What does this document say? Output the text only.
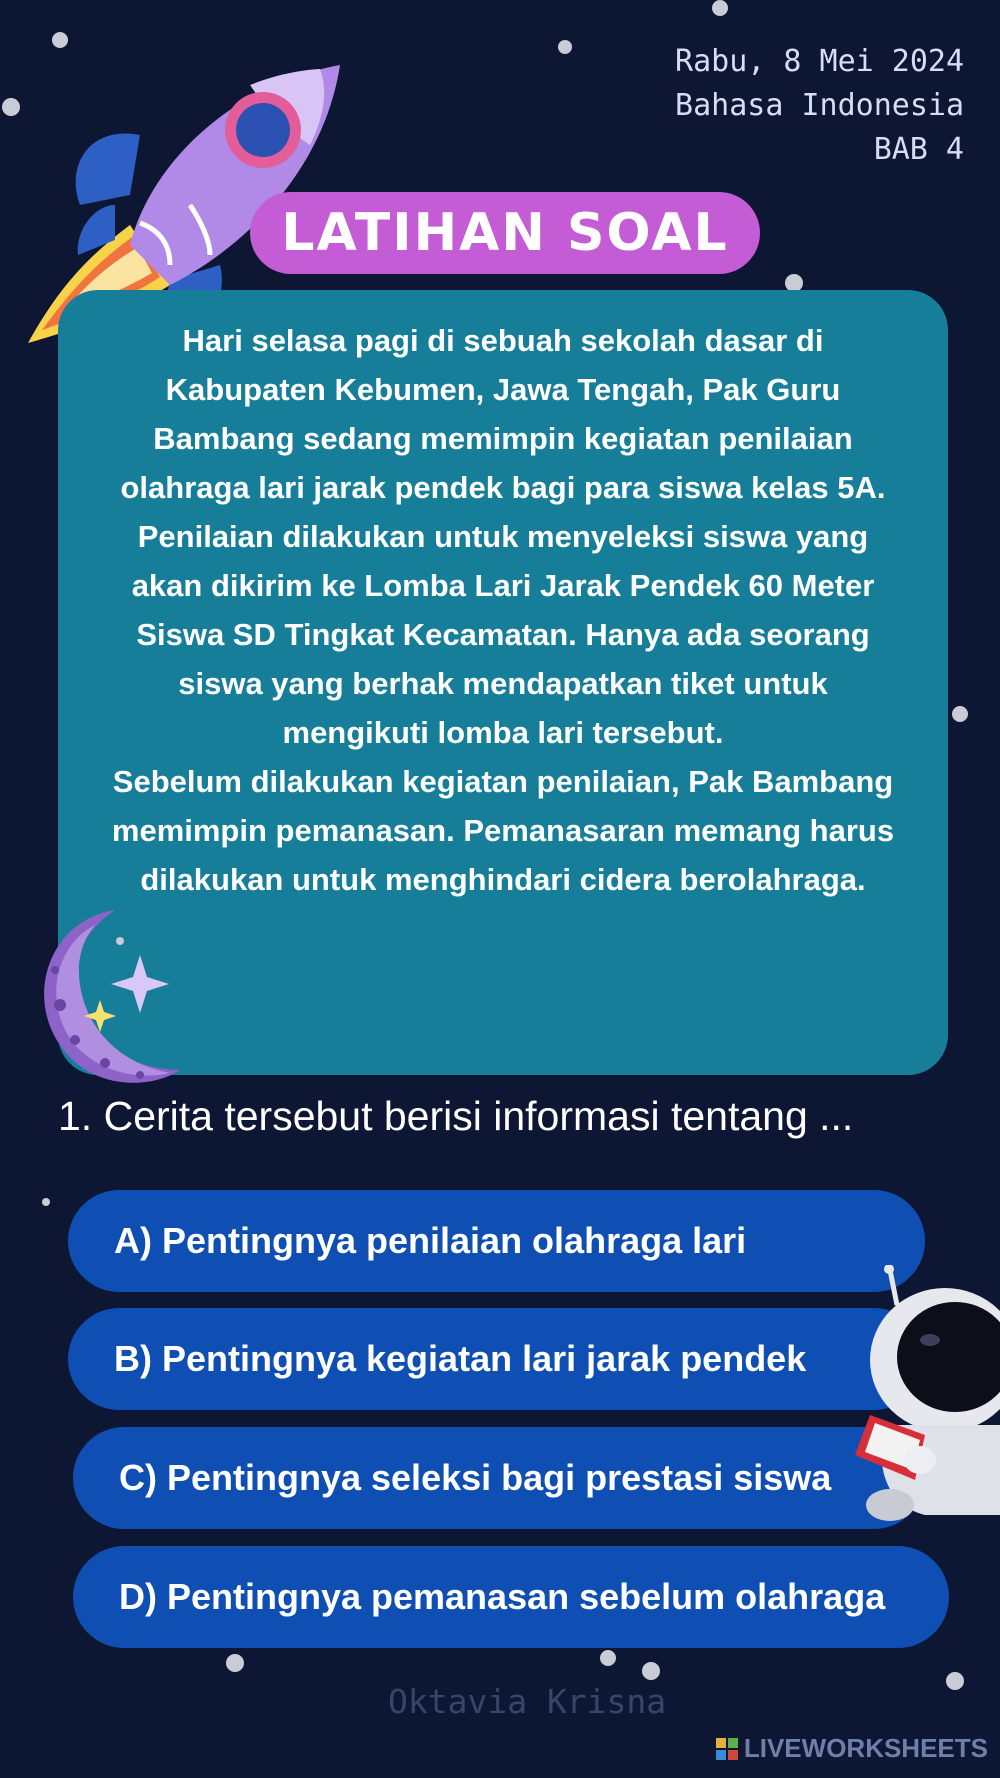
Rabu, 8 Mei 2024
Bahasa Indonesia
BAB 4
LATIHAN SOAL

Hari selasa pagi di sebuah sekolah dasar di Kabupaten Kebumen, Jawa Tengah, Pak Guru Bambang sedang memimpin kegiatan penilaian olahraga lari jarak pendek bagi para siswa kelas 5A.

Penilaian dilakukan untuk menyeleksi siswa yang akan dikirim ke Lomba Lari Jarak Pendek 60 Meter Siswa SD Tingkat Kecamatan. Hanya ada seorang siswa yang berhak mendapatkan tiket untuk mengikuti lomba lari tersebut.

Sebelum dilakukan kegiatan penilaian, Pak Bambang memimpin pemanasan. Pemanasaran memang harus dilakukan untuk menghindari cidera berolahraga.

1. Cerita tersebut berisi informasi tentang ...
A) Pentingnya penilaian olahraga lari
B) Pentingnya kegiatan lari jarak pendek
C) Pentingnya seleksi bagi prestasi siswa
D) Pentingnya pemanasan sebelum olahraga
Oktavia Krisna
LIVEWORKSHEETS
